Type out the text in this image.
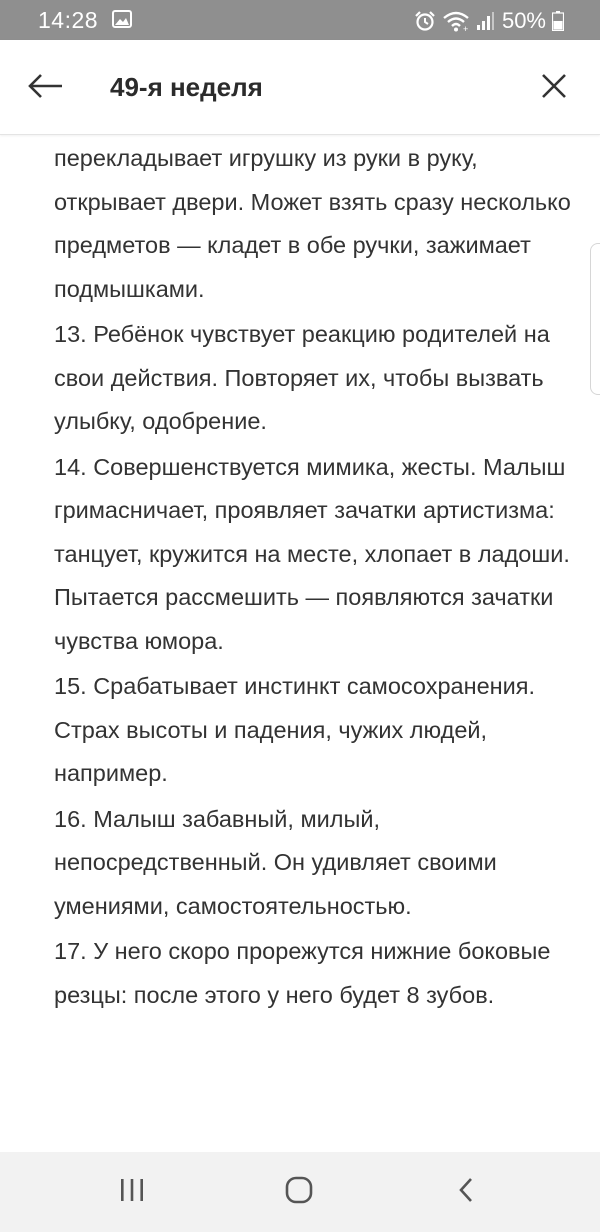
14:28	+ 50%
49-я неделя

перекладывает игрушку из руки в руку, открывает двери. Может взять сразу несколько предметов — кладет в обе ручки, зажимает подмышками.

13. Ребёнок чувствует реакцию родителей на свои действия. Повторяет их, чтобы вызвать улыбку, одобрение.

14. Совершенствуется мимика, жесты. Малыш гримасничает, проявляет зачатки артистизма: танцует, кружится на месте, хлопает в ладоши. Пытается рассмешить — появляются зачатки чувства юмора.

15. Срабатывает инстинкт самосохранения. Страх высоты и падения, чужих людей, например.

16. Малыш забавный, милый, непосредственный. Он удивляет своими умениями, самостоятельностью.

17. У него скоро прорежутся нижние боковые резцы: после этого у него будет 8 зубов.
